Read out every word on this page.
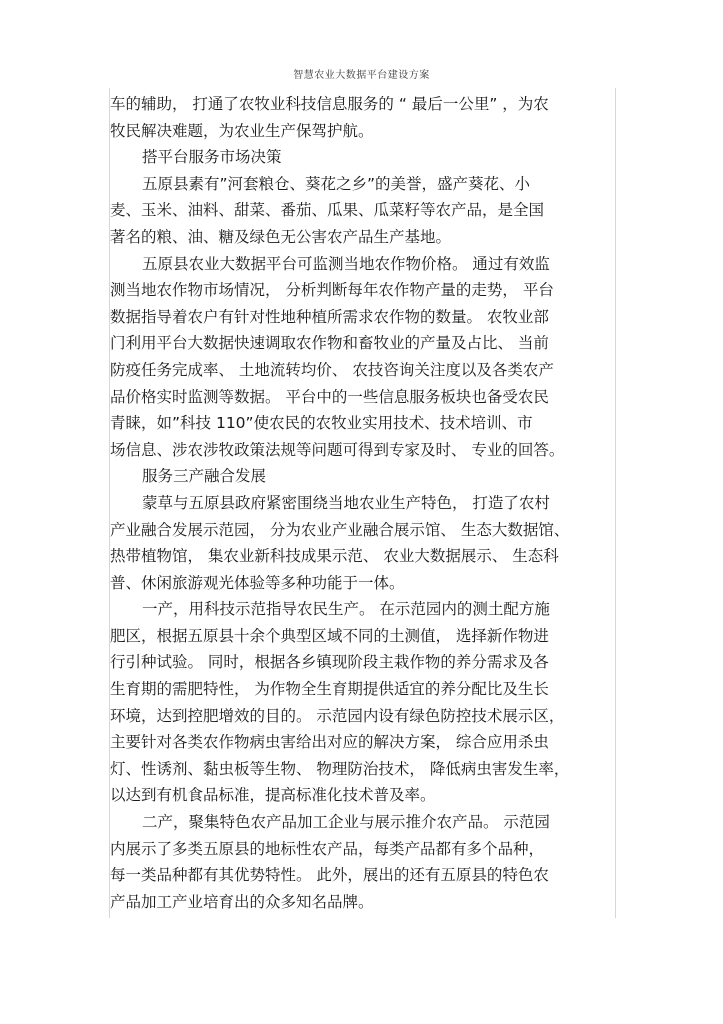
智慧农业大数据平台建设方案
车的辅助， 打通了农牧业科技信息服务的 “ 最后一公里” ，为农
牧民解决难题，为农业生产保驾护航。
搭平台服务市场决策
五原县素有”河套粮仓、葵花之乡”的美誉，盛产葵花、小
麦、玉米、油料、甜菜、番茄、瓜果、瓜菜籽等农产品，是全国
著名的粮、油、糖及绿色无公害农产品生产基地。
五原县农业大数据平台可监测当地农作物价格。 通过有效监
测当地农作物市场情况， 分析判断每年农作物产量的走势， 平台
数据指导着农户有针对性地种植所需求农作物的数量。 农牧业部
门利用平台大数据快速调取农作物和畜牧业的产量及占比、 当前
防疫任务完成率、 土地流转均价、 农技咨询关注度以及各类农产
品价格实时监测等数据。 平台中的一些信息服务板块也备受农民
青睐，如”科技 110”使农民的农牧业实用技术、技术培训、市
场信息、涉农涉牧政策法规等问题可得到专家及时、 专业的回答。
服务三产融合发展
蒙草与五原县政府紧密围绕当地农业生产特色， 打造了农村
产业融合发展示范园， 分为农业产业融合展示馆、 生态大数据馆、
热带植物馆， 集农业新科技成果示范、 农业大数据展示、 生态科
普、休闲旅游观光体验等多种功能于一体。
一产，用科技示范指导农民生产。 在示范园内的测土配方施
肥区，根据五原县十余个典型区域不同的土测值， 选择新作物进
行引种试验。 同时，根据各乡镇现阶段主栽作物的养分需求及各
生育期的需肥特性， 为作物全生育期提供适宜的养分配比及生长
环境，达到控肥增效的目的。 示范园内设有绿色防控技术展示区，
主要针对各类农作物病虫害给出对应的解决方案， 综合应用杀虫
灯、性诱剂、黏虫板等生物、 物理防治技术， 降低病虫害发生率，
以达到有机食品标准，提高标准化技术普及率。
二产，聚集特色农产品加工企业与展示推介农产品。 示范园
内展示了多类五原县的地标性农产品，每类产品都有多个品种，
每一类品种都有其优势特性。 此外，展出的还有五原县的特色农
产品加工产业培育出的众多知名品牌。
